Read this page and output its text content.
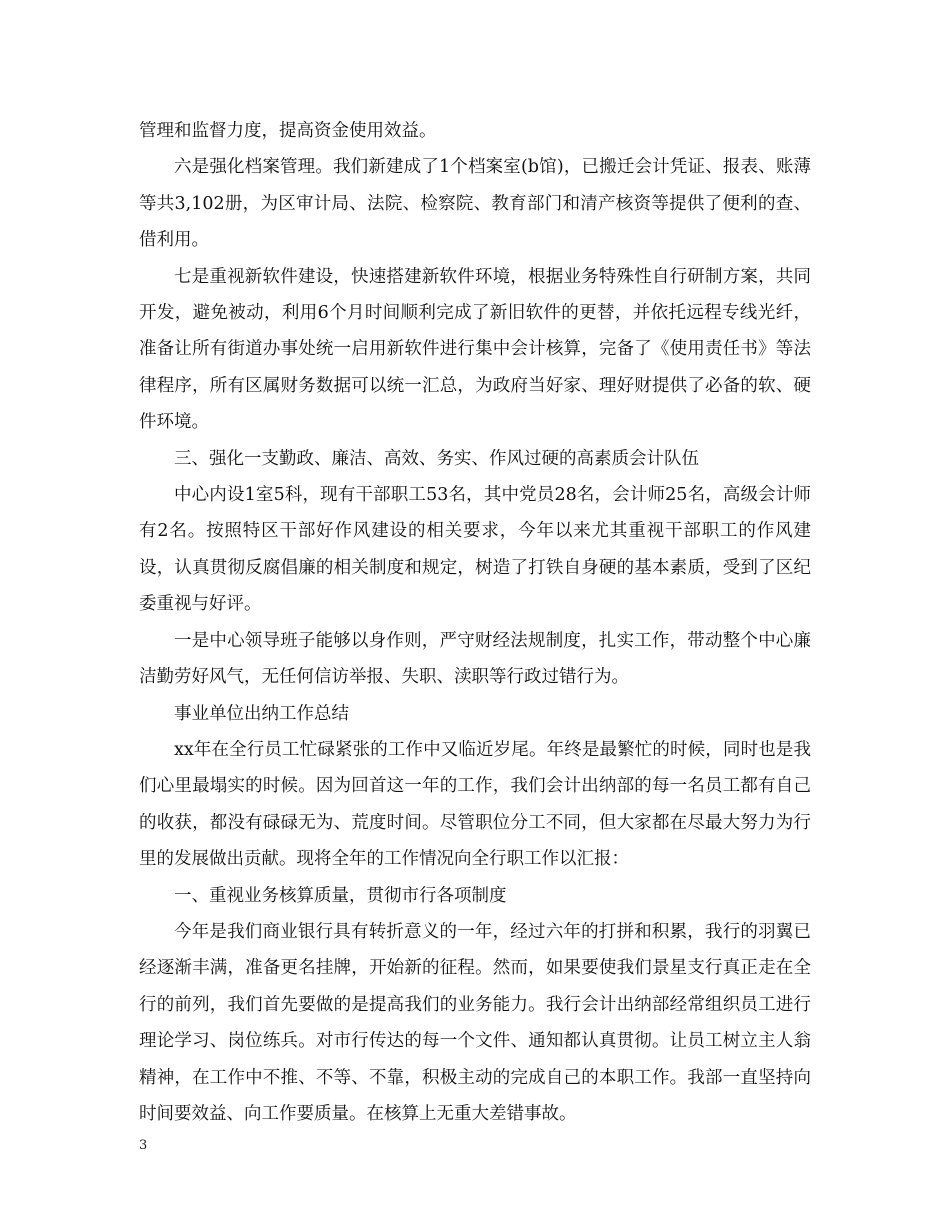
管理和监督力度，提高资金使用效益。

六是强化档案管理。我们新建成了1个档案室(b馆)，已搬迁会计凭证、报表、账薄等共3,102册，为区审计局、法院、检察院、教育部门和清产核资等提供了便利的查、借利用。

七是重视新软件建设，快速搭建新软件环境，根据业务特殊性自行研制方案，共同开发，避免被动，利用6个月时间顺利完成了新旧软件的更替，并依托远程专线光纤，准备让所有街道办事处统一启用新软件进行集中会计核算，完备了《使用责任书》等法律程序，所有区属财务数据可以统一汇总，为政府当好家、理好财提供了必备的软、硬件环境。

三、强化一支勤政、廉洁、高效、务实、作风过硬的高素质会计队伍

中心内设1室5科，现有干部职工53名，其中党员28名，会计师25名，高级会计师有2名。按照特区干部好作风建设的相关要求，今年以来尤其重视干部职工的作风建设，认真贯彻反腐倡廉的相关制度和规定，树造了打铁自身硬的基本素质，受到了区纪委重视与好评。

一是中心领导班子能够以身作则，严守财经法规制度，扎实工作，带动整个中心廉洁勤劳好风气，无任何信访举报、失职、渎职等行政过错行为。

事业单位出纳工作总结

xx年在全行员工忙碌紧张的工作中又临近岁尾。年终是最繁忙的时候，同时也是我们心里最塌实的时候。因为回首这一年的工作，我们会计出纳部的每一名员工都有自己的收获，都没有碌碌无为、荒度时间。尽管职位分工不同，但大家都在尽最大努力为行里的发展做出贡献。现将全年的工作情况向全行职工作以汇报：

一、重视业务核算质量，贯彻市行各项制度

今年是我们商业银行具有转折意义的一年，经过六年的打拼和积累，我行的羽翼已经逐渐丰满，准备更名挂牌，开始新的征程。然而，如果要使我们景星支行真正走在全行的前列，我们首先要做的是提高我们的业务能力。我行会计出纳部经常组织员工进行理论学习、岗位练兵。对市行传达的每一个文件、通知都认真贯彻。让员工树立主人翁精神，在工作中不推、不等、不靠，积极主动的完成自己的本职工作。我部一直坚持向时间要效益、向工作要质量。在核算上无重大差错事故。

3
